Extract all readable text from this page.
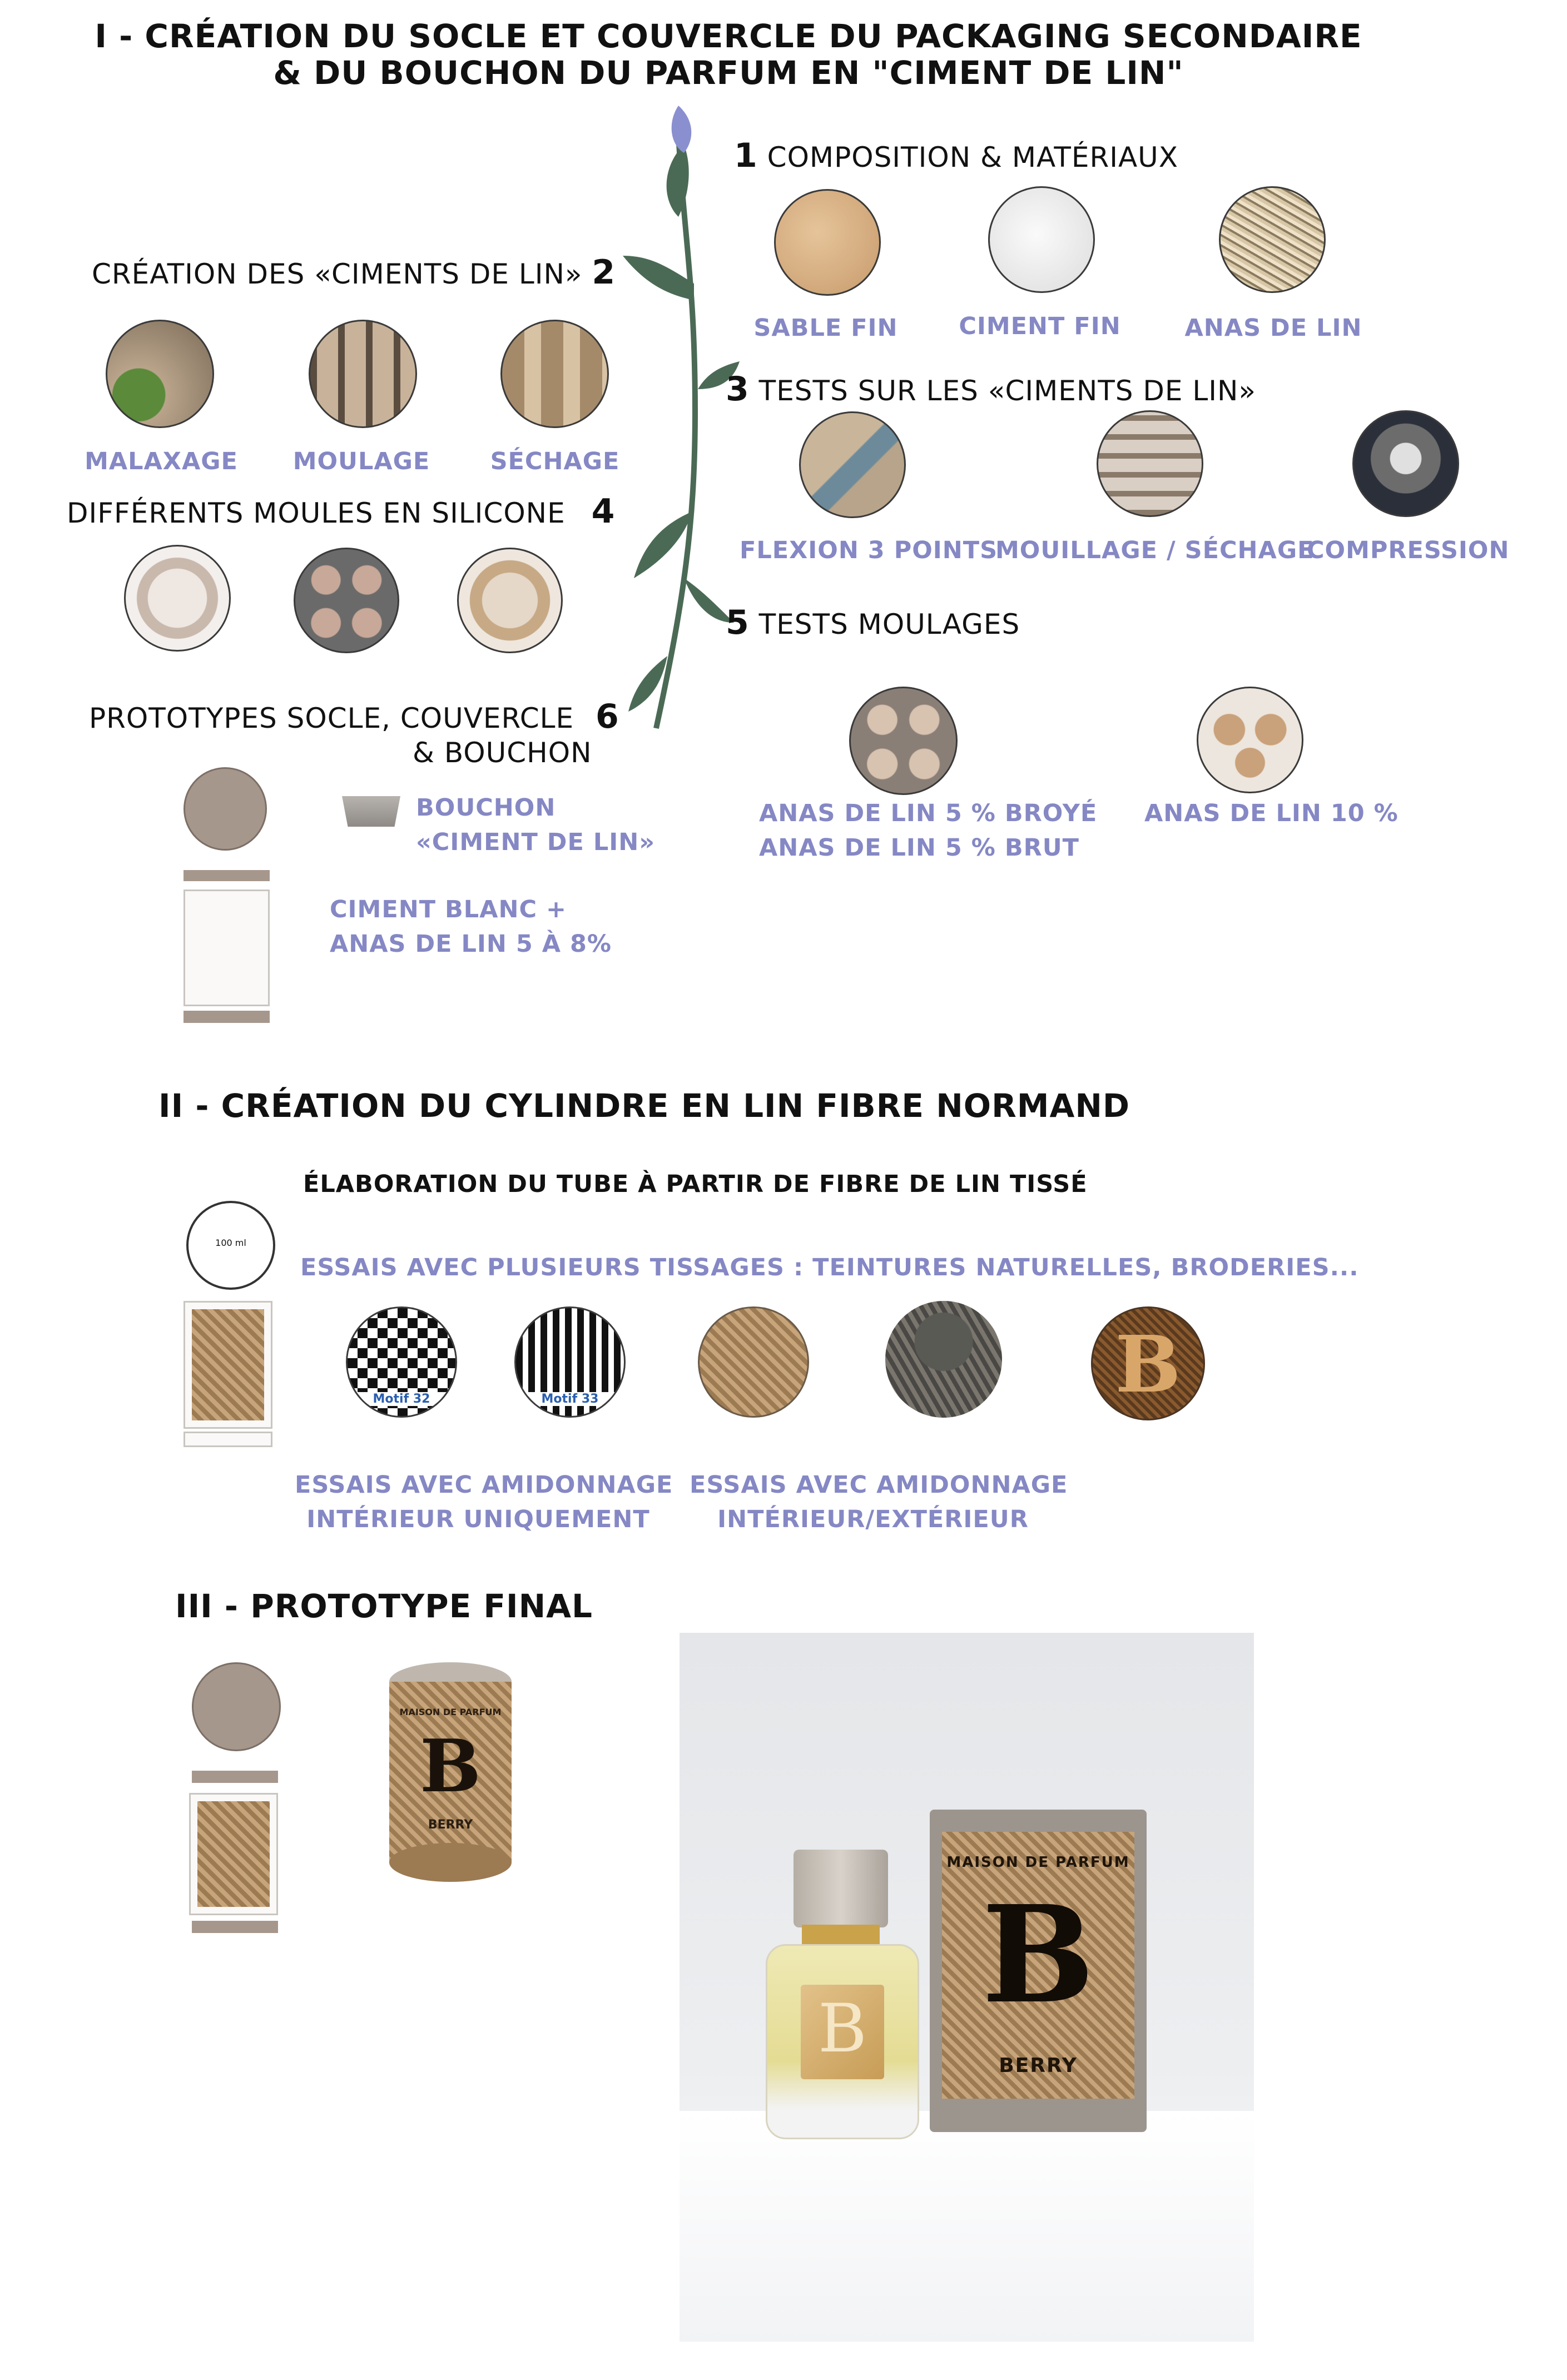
I - CRÉATION DU SOCLE ET COUVERCLE DU PACKAGING SECONDAIRE
& DU BOUCHON DU PARFUM EN "CIMENT DE LIN"
1 COMPOSITION & MATÉRIAUX
SABLE FIN	CIMENT FIN	ANAS DE LIN
CRÉATION DES «CIMENTS DE LIN» 2
MALAXAGE	MOULAGE	SÉCHAGE
3 TESTS SUR LES «CIMENTS DE LIN»
FLEXION 3 POINTS
MOUILLAGE / SÉCHAGE
COMPRESSION
DIFFÉRENTS MOULES EN SILICONE 4
5 TESTS MOULAGES
ANAS DE LIN 5 % BROYÉ
ANAS DE LIN 5 % BRUT
ANAS DE LIN 10 %
PROTOTYPES SOCLE, COUVERCLE 6
& BOUCHON
BOUCHON
«CIMENT DE LIN»
CIMENT BLANC +
ANAS DE LIN 5 À 8%
II - CRÉATION DU CYLINDRE EN LIN FIBRE NORMAND
ÉLABORATION DU TUBE À PARTIR DE FIBRE DE LIN TISSÉ
ESSAIS AVEC PLUSIEURS TISSAGES : TEINTURES NATURELLES, BRODERIES...
100 ml
Motif 32	Motif 33	B
ESSAIS AVEC AMIDONNAGE
INTÉRIEUR UNIQUEMENT
ESSAIS AVEC AMIDONNAGE
INTÉRIEUR/EXTÉRIEUR
III - PROTOTYPE FINAL
MAISON DE PARFUM
B
BERRY
MAISON DE PARFUM
B
BERRY
B
